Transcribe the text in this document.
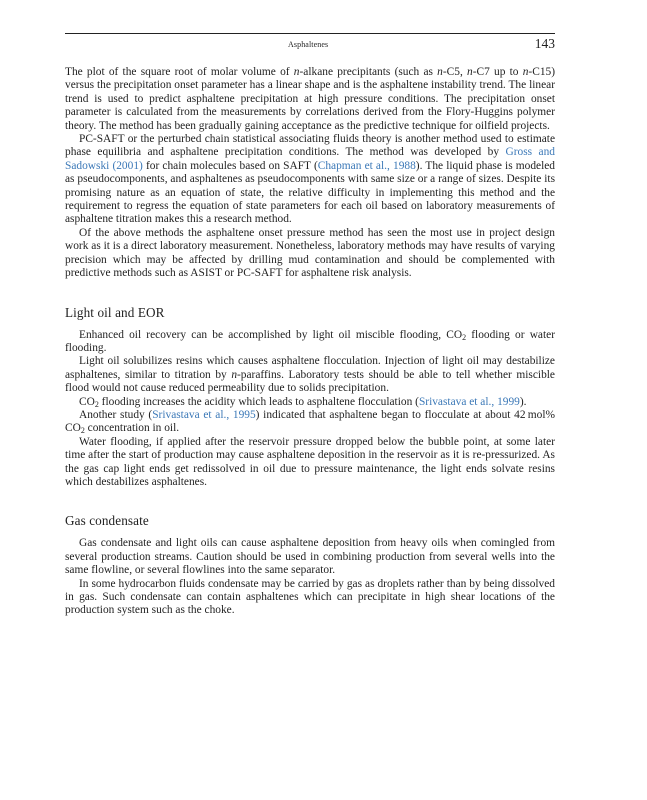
Asphaltenes	143

The plot of the square root of molar volume of n-alkane precipitants (such as n-C5, n-C7 up to n-C15) versus the precipitation onset parameter has a linear shape and is the asphaltene instability trend. The linear trend is used to predict asphaltene precipitation at high pressure conditions. The precipitation onset parameter is calculated from the measurements by correlations derived from the Flory-Huggins polymer theory. The method has been gradually gaining acceptance as the predictive technique for oilfield projects.

PC-SAFT or the perturbed chain statistical associating fluids theory is another method used to estimate phase equilibria and asphaltene precipitation conditions. The method was developed by Gross and Sadowski (2001) for chain molecules based on SAFT (Chapman et al., 1988). The liquid phase is modeled as pseudocomponents, and asphaltenes as pseudocomponents with same size or a range of sizes. Despite its promising nature as an equation of state, the relative difficulty in implementing this method and the requirement to regress the equation of state parameters for each oil based on laboratory measurements of asphaltene titration makes this a research method.

Of the above methods the asphaltene onset pressure method has seen the most use in project design work as it is a direct laboratory measurement. Nonetheless, laboratory methods may have results of varying precision which may be affected by drilling mud contamination and should be complemented with predictive methods such as ASIST or PC-SAFT for asphaltene risk analysis.

Light oil and EOR

Enhanced oil recovery can be accomplished by light oil miscible flooding, $CO_2$ flooding or water flooding.

Light oil solubilizes resins which causes asphaltene flocculation. Injection of light oil may destabilize asphaltenes, similar to titration by n-paraffins. Laboratory tests should be able to tell whether miscible flood would not cause reduced permeability due to solids precipitation.

$CO_2$ flooding increases the acidity which leads to asphaltene flocculation (Srivastava et al., 1999).

Another study (Srivastava et al., 1995) indicated that asphaltene began to flocculate at about 42 mol% $CO_2$ concentration in oil.

Water flooding, if applied after the reservoir pressure dropped below the bubble point, at some later time after the start of production may cause asphaltene deposition in the reservoir as it is re-pressurized. As the gas cap light ends get redissolved in oil due to pressure maintenance, the light ends solvate resins which destabilizes asphaltenes.

Gas condensate

Gas condensate and light oils can cause asphaltene deposition from heavy oils when comingled from several production streams. Caution should be used in combining production from several wells into the same flowline, or several flowlines into the same separator.

In some hydrocarbon fluids condensate may be carried by gas as droplets rather than by being dissolved in gas. Such condensate can contain asphaltenes which can precipitate in high shear locations of the production system such as the choke.
